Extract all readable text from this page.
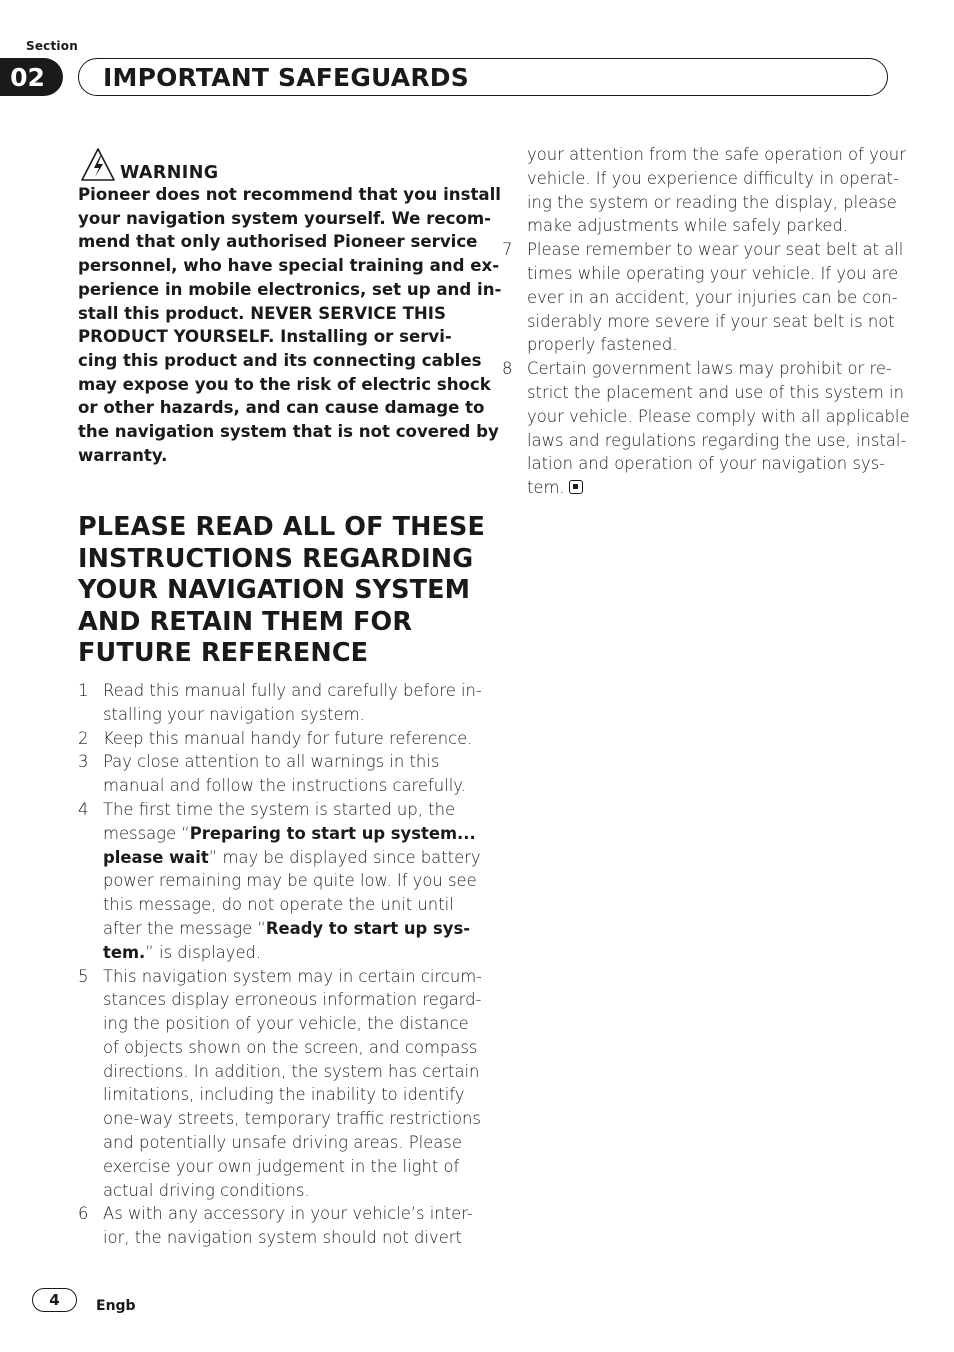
Section
02	IMPORTANT SAFEGUARDS
WARNING
Pioneer does not recommend that you install
your navigation system yourself. We recom-
mend that only authorised Pioneer service
personnel, who have special training and ex-
perience in mobile electronics, set up and in-
stall this product. NEVER SERVICE THIS
PRODUCT YOURSELF. Installing or servi-
cing this product and its connecting cables
may expose you to the risk of electric shock
or other hazards, and can cause damage to
the navigation system that is not covered by
warranty.
PLEASE READ ALL OF THESE
INSTRUCTIONS REGARDING
YOUR NAVIGATION SYSTEM
AND RETAIN THEM FOR
FUTURE REFERENCE
1 Read this manual fully and carefully before in-
stalling your navigation system.
2 Keep this manual handy for future reference.
3 Pay close attention to all warnings in this
manual and follow the instructions carefully.
4 The first time the system is started up, the
message “Preparing to start up system...
please wait” may be displayed since battery
power remaining may be quite low. If you see
this message, do not operate the unit until
after the message “Ready to start up sys-
tem.” is displayed.
5 This navigation system may in certain circum-
stances display erroneous information regard-
ing the position of your vehicle, the distance
of objects shown on the screen, and compass
directions. In addition, the system has certain
limitations, including the inability to identify
one-way streets, temporary traffic restrictions
and potentially unsafe driving areas. Please
exercise your own judgement in the light of
actual driving conditions.
6 As with any accessory in your vehicle’s inter-
ior, the navigation system should not divert
your attention from the safe operation of your
vehicle. If you experience difficulty in operat-
ing the system or reading the display, please
make adjustments while safely parked.
7 Please remember to wear your seat belt at all
times while operating your vehicle. If you are
ever in an accident, your injuries can be con-
siderably more severe if your seat belt is not
properly fastened.
8 Certain government laws may prohibit or re-
strict the placement and use of this system in
your vehicle. Please comply with all applicable
laws and regulations regarding the use, instal-
lation and operation of your navigation sys-
tem.
4	Engb
